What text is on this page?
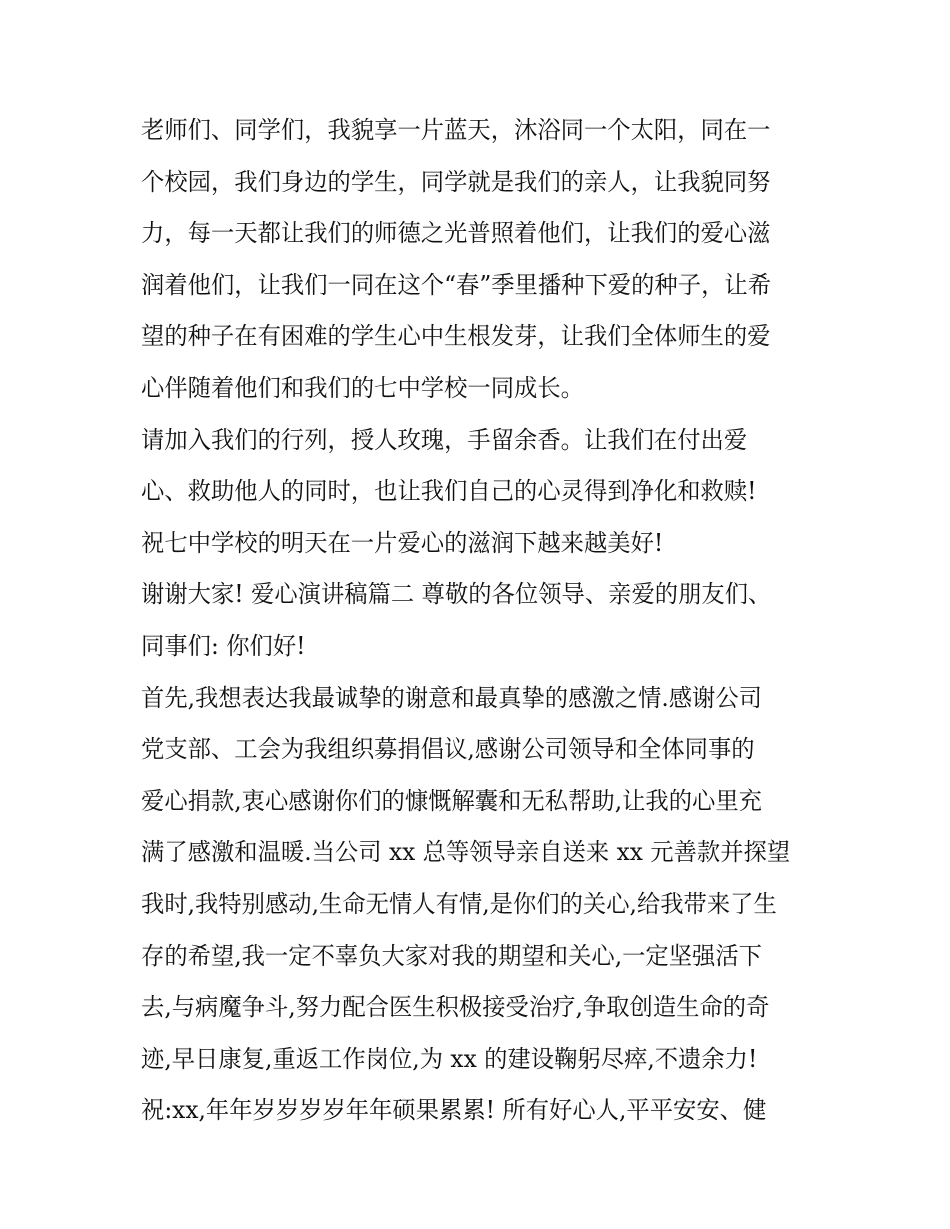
老师们、同学们，我貌享一片蓝天，沐浴同一个太阳，同在一
个校园，我们身边的学生，同学就是我们的亲人，让我貌同努
力，每一天都让我们的师德之光普照着他们，让我们的爱心滋
润着他们，让我们一同在这个“春”季里播种下爱的种子，让希
望的种子在有困难的学生心中生根发芽，让我们全体师生的爱
心伴随着他们和我们的七中学校一同成长。
请加入我们的行列，授人玫瑰，手留余香。让我们在付出爱
心、救助他人的同时，也让我们自己的心灵得到净化和救赎!
祝七中学校的明天在一片爱心的滋润下越来越美好!
谢谢大家! 爱心演讲稿篇二 尊敬的各位领导、亲爱的朋友们、
同事们: 你们好!
首先,我想表达我最诚挚的谢意和最真挚的感激之情.感谢公司
党支部、工会为我组织募捐倡议,感谢公司领导和全体同事的
爱心捐款,衷心感谢你们的慷慨解囊和无私帮助,让我的心里充
满了感激和温暖.当公司 xx 总等领导亲自送来 xx 元善款并探望
我时,我特别感动,生命无情人有情,是你们的关心,给我带来了生
存的希望,我一定不辜负大家对我的期望和关心,一定坚强活下
去,与病魔争斗,努力配合医生积极接受治疗,争取创造生命的奇
迹,早日康复,重返工作岗位,为 xx 的建设鞠躬尽瘁,不遗余力!
祝:xx,年年岁岁岁岁年年硕果累累! 所有好心人,平平安安、健
